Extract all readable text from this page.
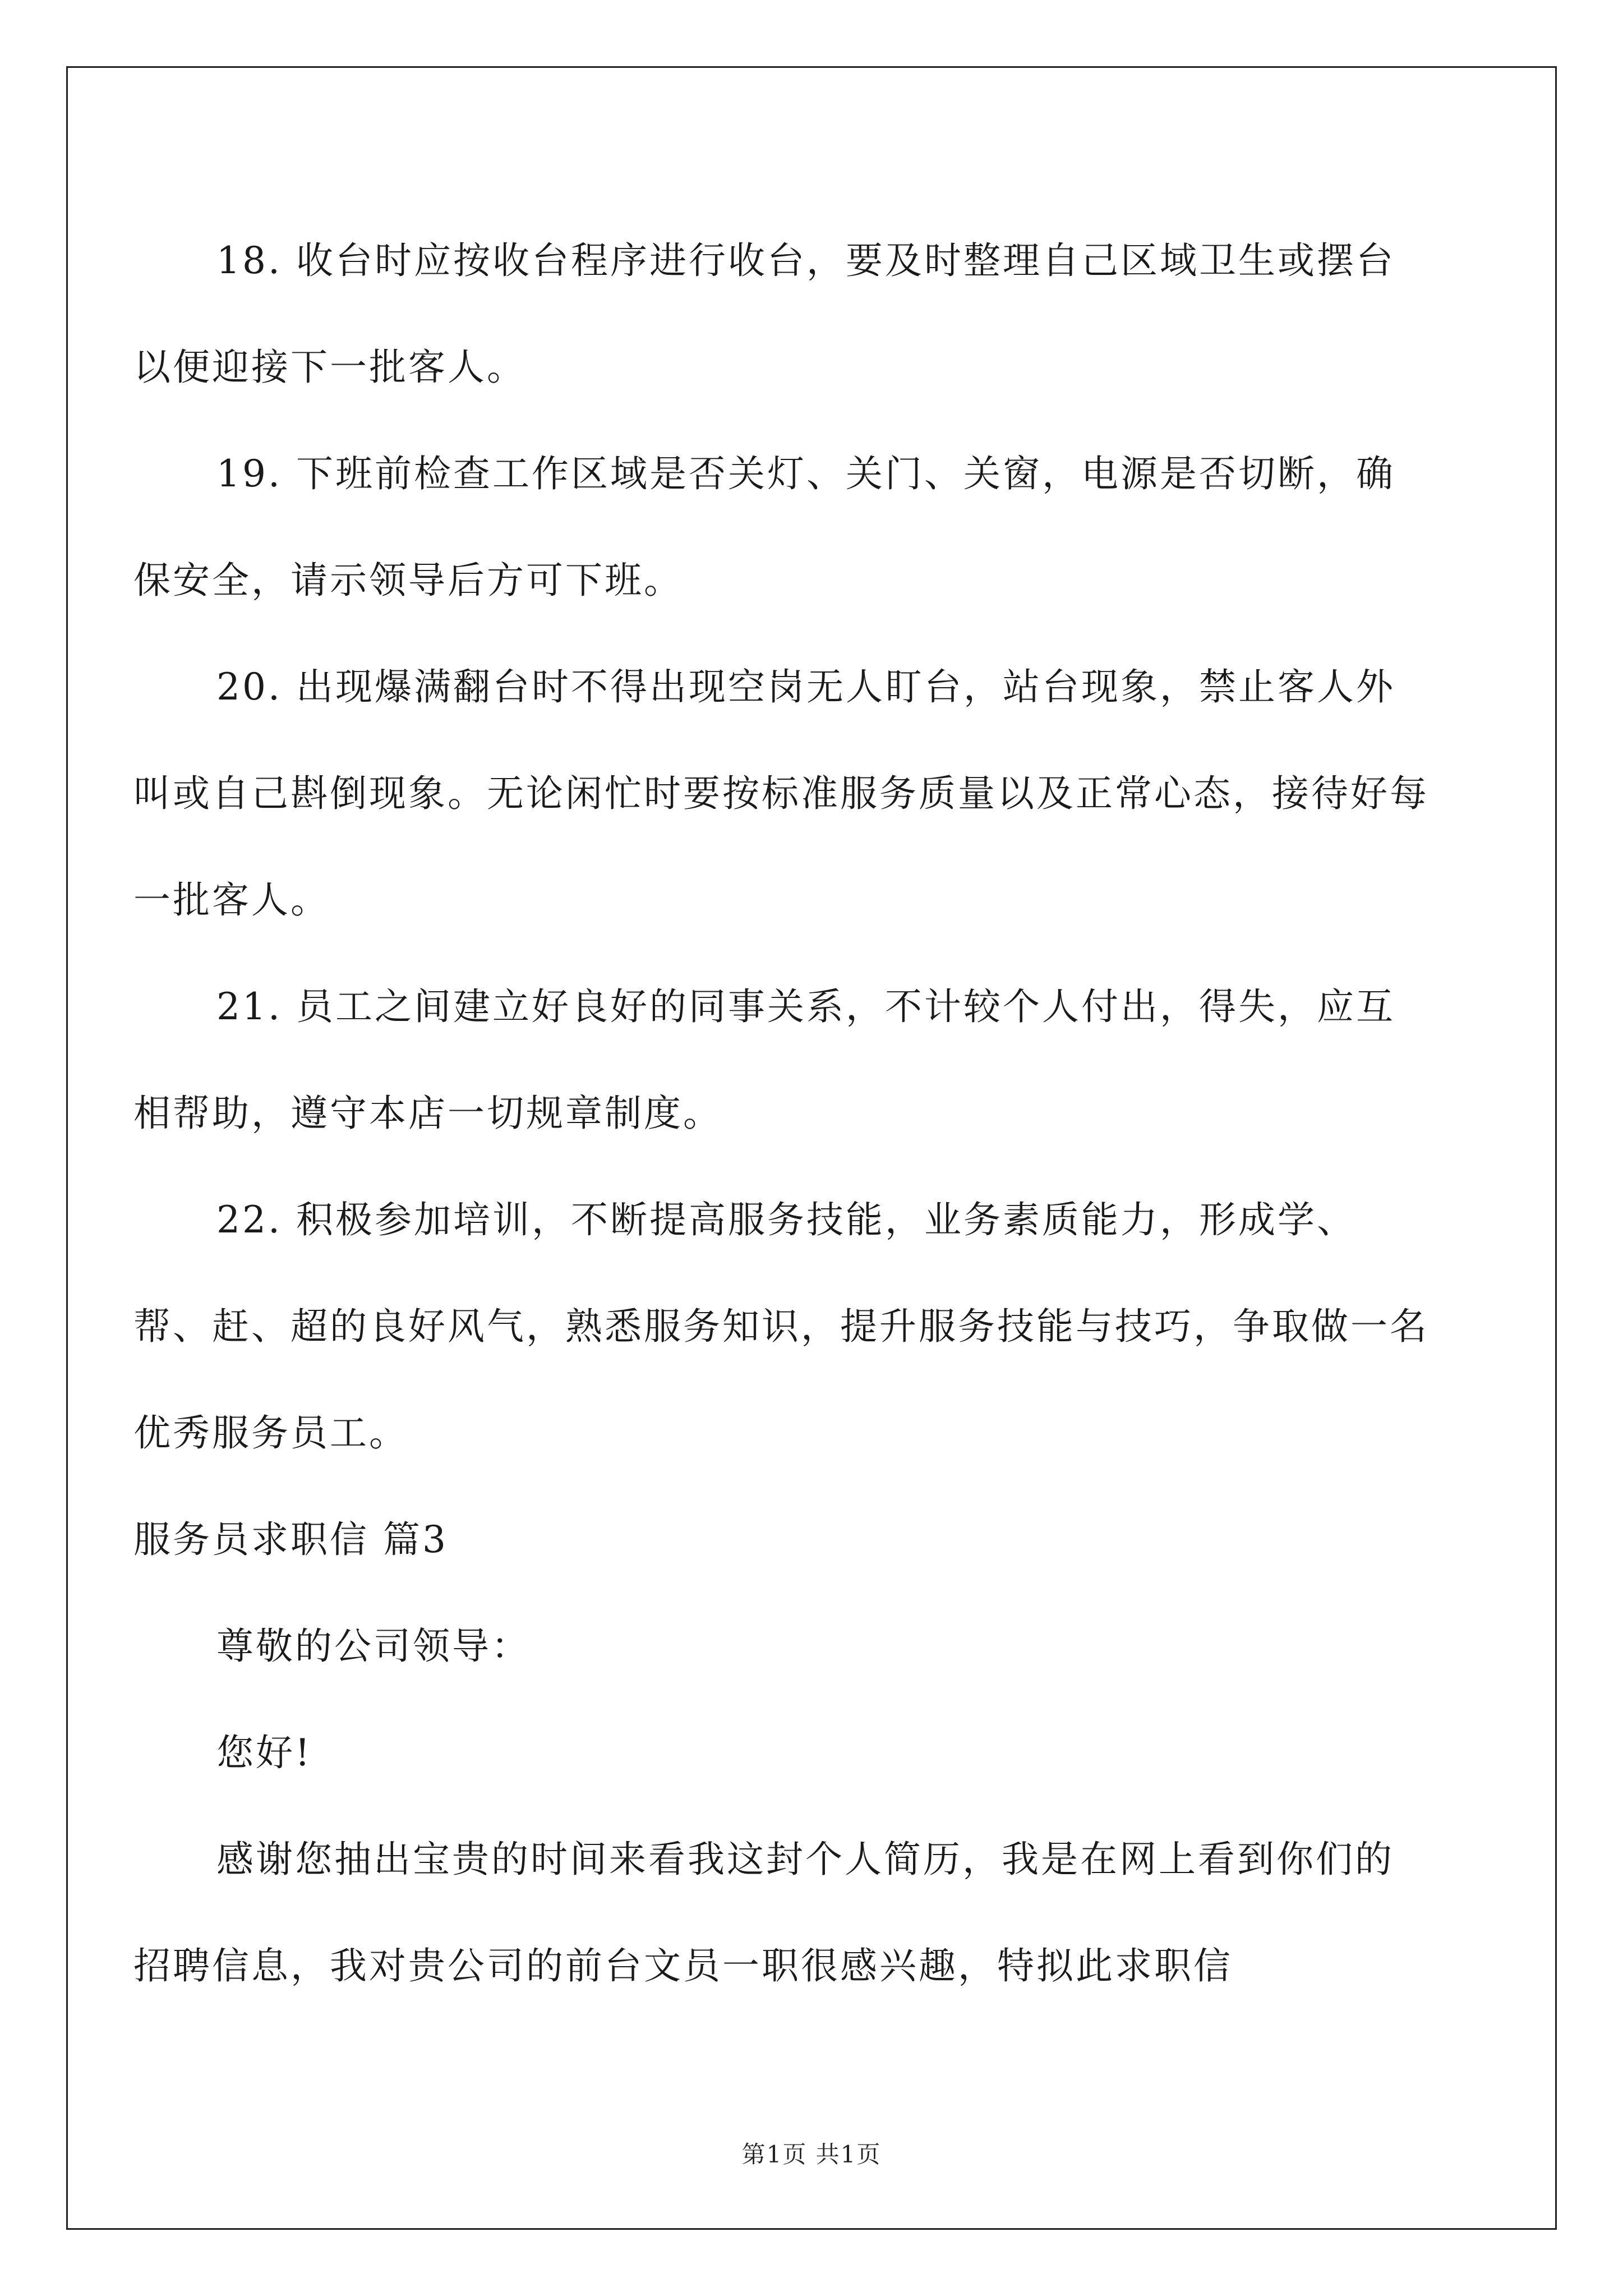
18. 收台时应按收台程序进行收台，要及时整理自己区域卫生或摆台以便迎接下一批客人。

19. 下班前检查工作区域是否关灯、关门、关窗，电源是否切断，确保安全，请示领导后方可下班。

20. 出现爆满翻台时不得出现空岗无人盯台，站台现象，禁止客人外叫或自己斟倒现象。无论闲忙时要按标准服务质量以及正常心态，接待好每一批客人。

21. 员工之间建立好良好的同事关系，不计较个人付出，得失，应互相帮助，遵守本店一切规章制度。

22. 积极参加培训，不断提高服务技能，业务素质能力，形成学、帮、赶、超的良好风气，熟悉服务知识，提升服务技能与技巧，争取做一名优秀服务员工。

服务员求职信 篇3

尊敬的公司领导：

您好!

感谢您抽出宝贵的时间来看我这封个人简历，我是在网上看到你们的招聘信息，我对贵公司的前台文员一职很感兴趣，特拟此求职信

第1页 共1页
